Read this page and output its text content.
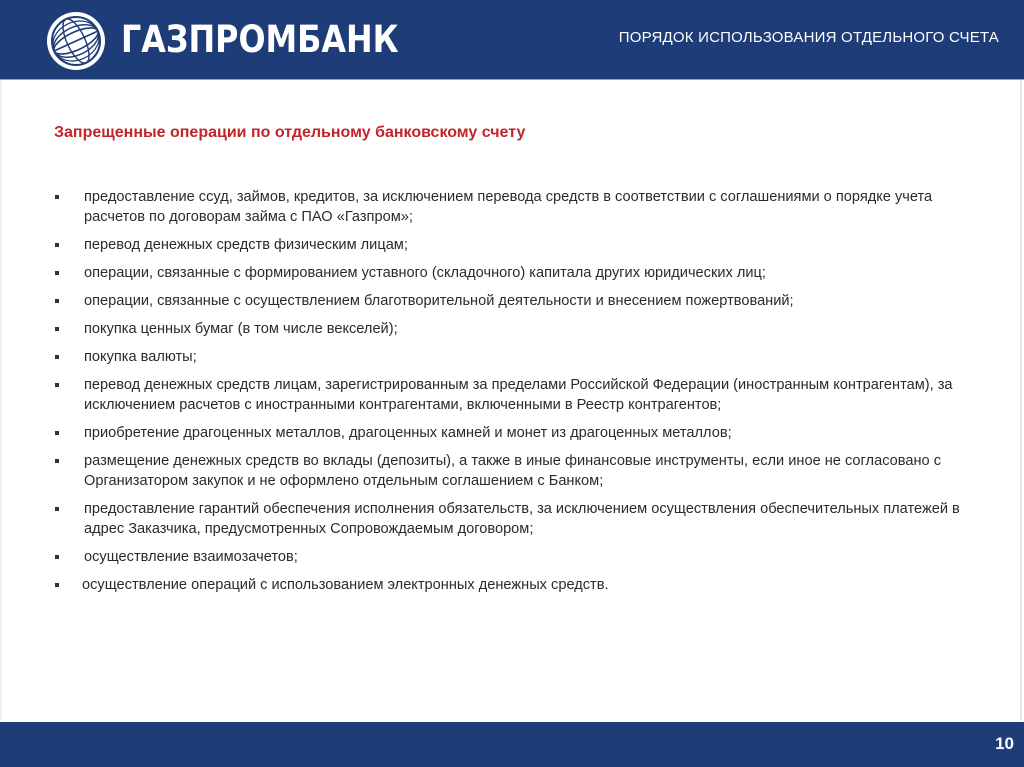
ГАЗПРОМБАНК	ПОРЯДОК ИСПОЛЬЗОВАНИЯ ОТДЕЛЬНОГО СЧЕТА
Запрещенные операции по отдельному банковскому счету
предоставление ссуд, займов, кредитов, за исключением перевода средств в соответствии с соглашениями о порядке учета расчетов по договорам займа с ПАО «Газпром»;
перевод денежных средств физическим лицам;
операции, связанные с формированием уставного (складочного) капитала других юридических лиц;
операции, связанные с осуществлением благотворительной деятельности и внесением пожертвований;
покупка ценных бумаг (в том числе векселей);
покупка валюты;
перевод денежных средств лицам, зарегистрированным за пределами Российской Федерации (иностранным контрагентам), за исключением расчетов с иностранными контрагентами, включенными в Реестр контрагентов;
приобретение драгоценных металлов, драгоценных камней и монет из драгоценных металлов;
размещение денежных средств во вклады (депозиты), а также в иные финансовые инструменты, если иное не согласовано с Организатором закупок и не оформлено отдельным соглашением с Банком;
предоставление гарантий обеспечения исполнения обязательств, за исключением осуществления обеспечительных платежей в адрес Заказчика, предусмотренных Сопровождаемым договором;
осуществление взаимозачетов;
осуществление операций с использованием электронных денежных средств.
10
